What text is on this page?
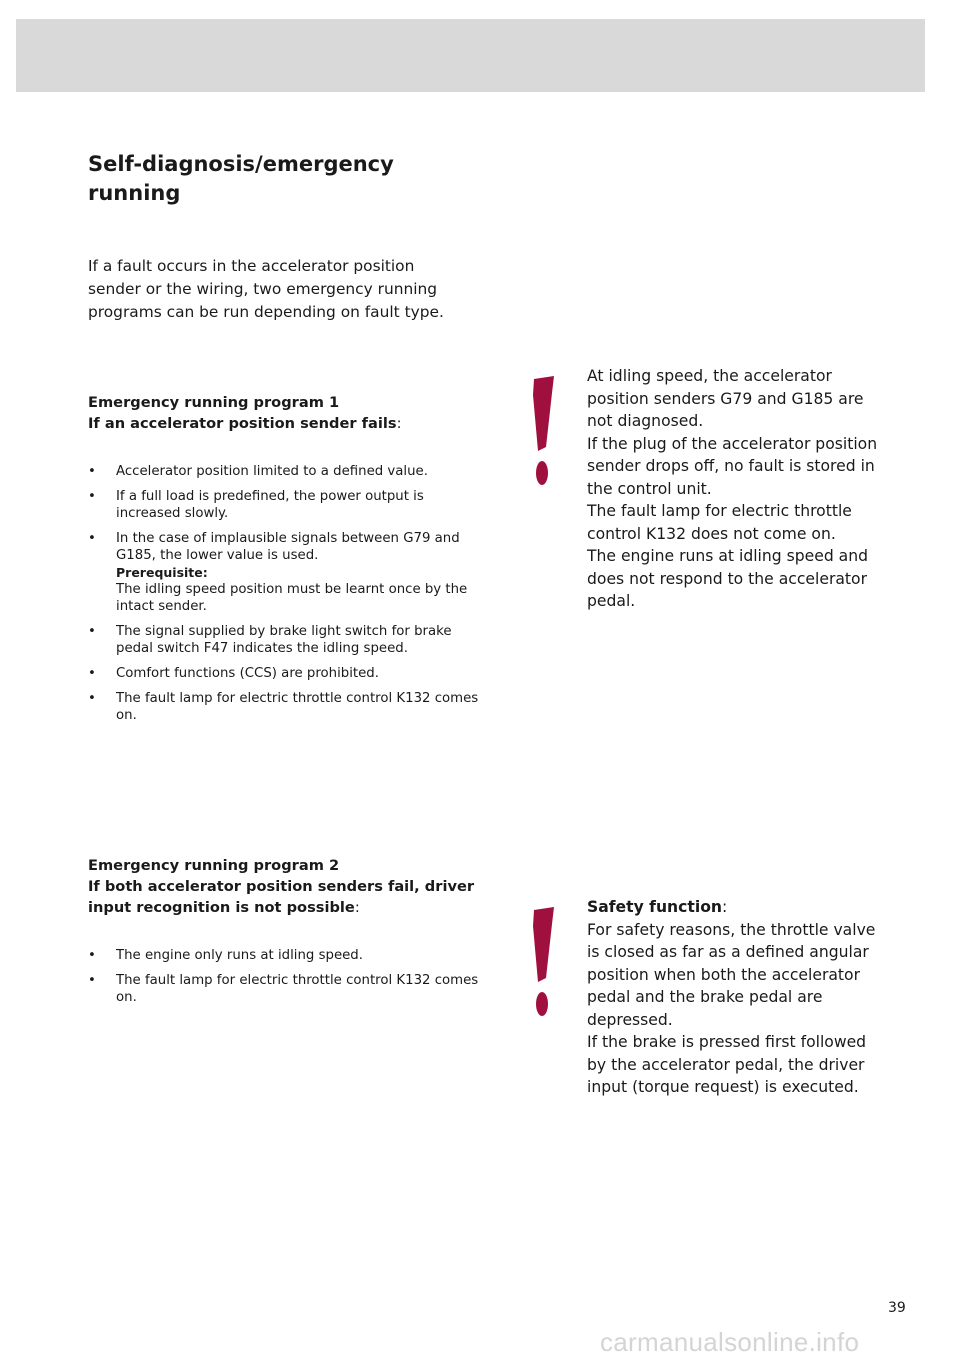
Self-diagnosis/emergency
running

If a fault occurs in the accelerator position
sender or the wiring, two emergency running
programs can be run depending on fault type.

Emergency running program 1
If an accelerator position sender fails:

• Accelerator position limited to a defined value.
• If a full load is predefined, the power output is increased slowly.
• In the case of implausible signals between G79 and G185, the lower value is used.
Prerequisite:
The idling speed position must be learnt once by the intact sender.
• The signal supplied by brake light switch for brake pedal switch F47 indicates the idling speed.
• Comfort functions (CCS) are prohibited.
• The fault lamp for electric throttle control K132 comes on.

Emergency running program 2
If both accelerator position senders fail, driver input recognition is not possible:

• The engine only runs at idling speed.
• The fault lamp for electric throttle control K132 comes on.

At idling speed, the accelerator
position senders G79 and G185 are
not diagnosed.
If the plug of the accelerator position
sender drops off, no fault is stored in
the control unit.
The fault lamp for electric throttle
control K132 does not come on.
The engine runs at idling speed and
does not respond to the accelerator
pedal.

Safety function:
For safety reasons, the throttle valve
is closed as far as a defined angular
position when both the accelerator
pedal and the brake pedal are
depressed.
If the brake is pressed first followed
by the accelerator pedal, the driver
input (torque request) is executed.

39
carmanualsonline.info
